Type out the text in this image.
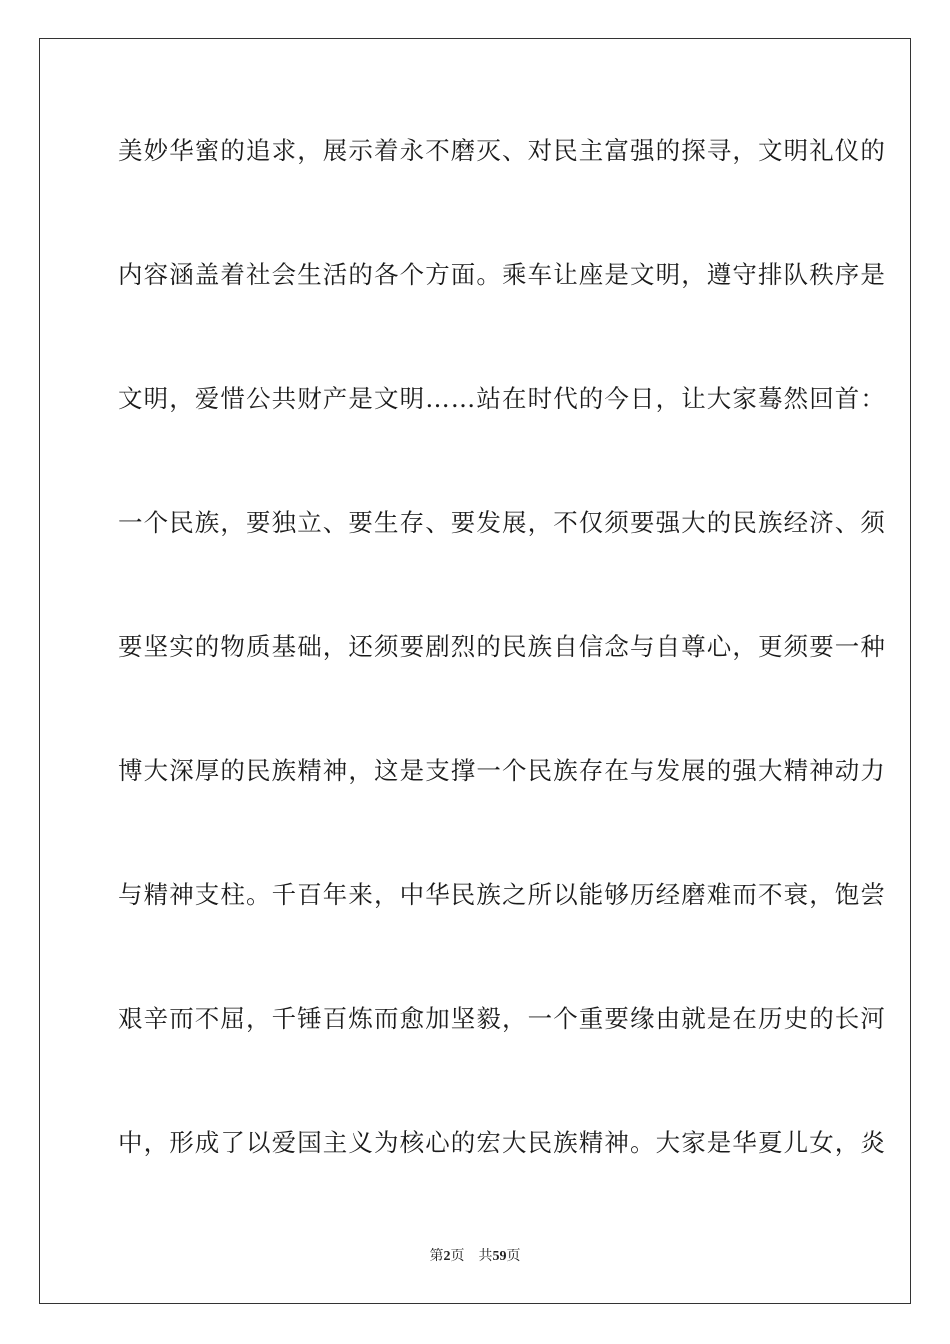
美妙华蜜的追求，展示着永不磨灭、对民主富强的探寻，文明礼仪的
内容涵盖着社会生活的各个方面。乘车让座是文明，遵守排队秩序是
文明，爱惜公共财产是文明……站在时代的今日，让大家蓦然回首：
一个民族，要独立、要生存、要发展，不仅须要强大的民族经济、须
要坚实的物质基础，还须要剧烈的民族自信念与自尊心，更须要一种
博大深厚的民族精神，这是支撑一个民族存在与发展的强大精神动力
与精神支柱。千百年来，中华民族之所以能够历经磨难而不衰，饱尝
艰辛而不屈，千锤百炼而愈加坚毅，一个重要缘由就是在历史的长河
中，形成了以爱国主义为核心的宏大民族精神。大家是华夏儿女，炎
第2页 共59页
